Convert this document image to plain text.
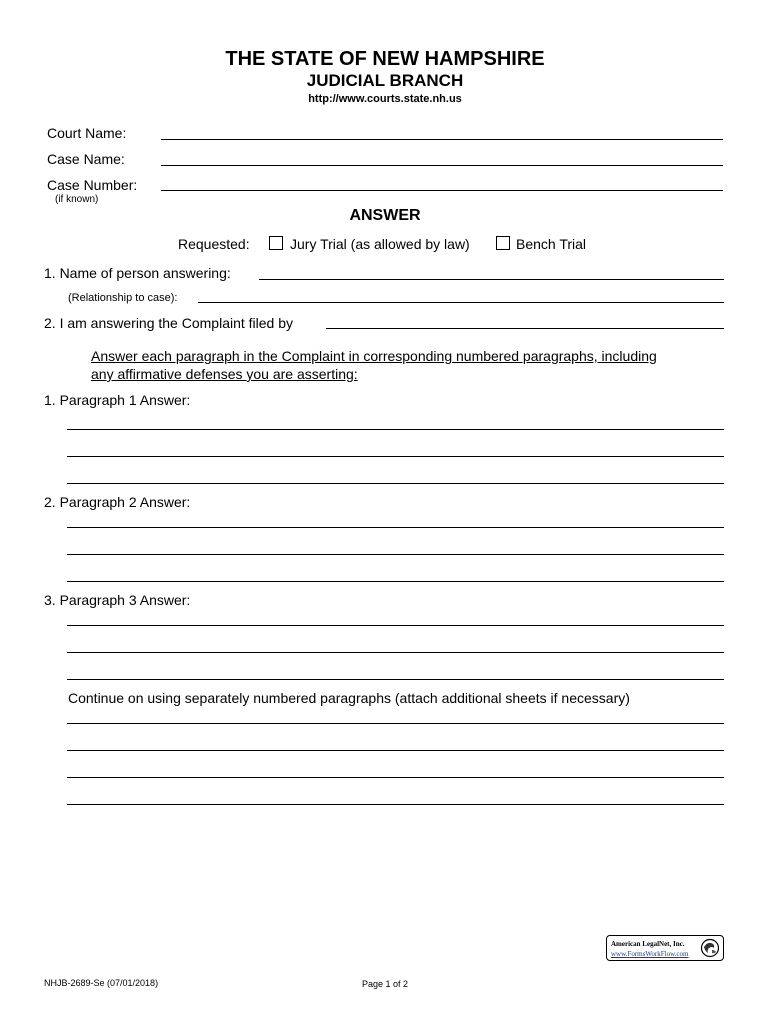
THE STATE OF NEW HAMPSHIRE
JUDICIAL BRANCH
http://www.courts.state.nh.us
Court Name:
Case Name:
Case Number:
(if known)
ANSWER
Requested:	Jury Trial (as allowed by law)	Bench Trial
1. Name of person answering:
(Relationship to case):
2. I am answering the Complaint filed by
Answer each paragraph in the Complaint in corresponding numbered paragraphs, including
any affirmative defenses you are asserting:
1. Paragraph 1 Answer:
2. Paragraph 2 Answer:
3. Paragraph 3 Answer:
Continue on using separately numbered paragraphs (attach additional sheets if necessary)
American LegalNet, Inc.
www.FormsWorkFlow.com
NHJB-2689-Se (07/01/2018)	Page 1 of 2
